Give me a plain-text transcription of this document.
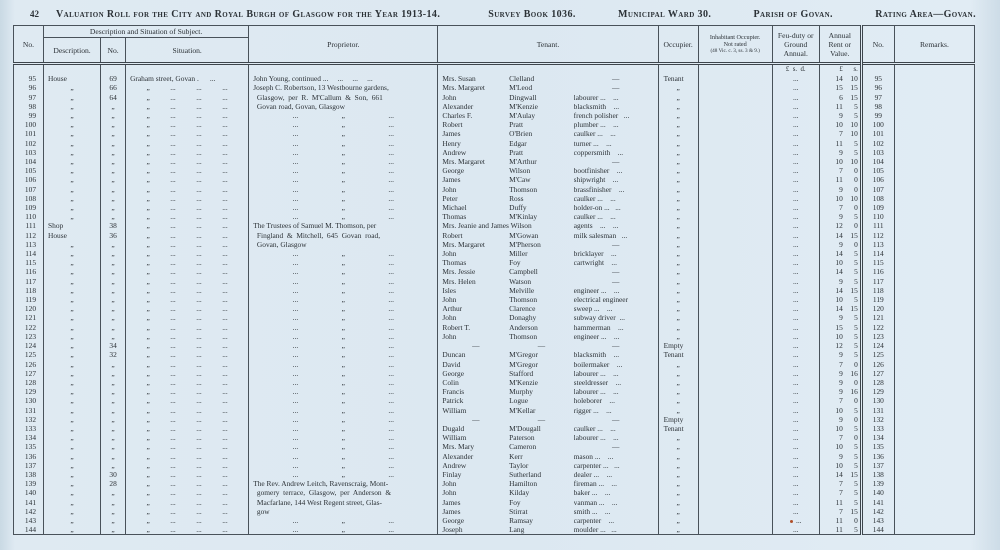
42 Valuation Roll for the City and Royal Burgh of Glasgow for the Year 1913-14.	Survey Book 1036.	Municipal Ward 30.	Parish of Govan.	Rating Area—Govan.
No.	Description and Situation of Subject.			Proprietor.	Tenant.	Occupier.	Inhabitant Occupier.
Not rated
(48 Vic. c. 3, ss. 3 & 9.)	Feu-duty or Ground Annual.	Annual Rent or Value.	No.	Remarks.
	Description.	No.	Situation.								
								£  s.  d.	£ s.		

95	House	69	Graham street, Govan .      ...	John Young, continued ...     ...     ...     ...	Mrs. Susan Clelland —	Tenant		...	14 10	95	
96	„	66	„ ... ... ...	Joseph C. Robertson, 13 Westbourne gardens,	Mrs. Margaret M'Leod —	„		...	15 15	96	
97	„	64	„ ... ... ...	Glasgow,  per  R.  M'Callum  &  Son,  661	John Dingwall labourer ...    ...	„		...	6 15	97	
98	„	„	„ ... ... ...	Govan road, Govan, Glasgow	Alexander M'Kenzie blacksmith    ...	„		...	11 5	98	
99	„	„	„ ... ... ...	... „ ...	Charles F. M'Aulay french polisher   ...	„		...	9 5	99	
100	„	„	„ ... ... ...	... „ ...	Robert Pratt plumber ...    ...	„		...	10 10	100	
101	„	„	„ ... ... ...	... „ ...	James O'Brien caulker ...    ...	„		...	7 10	101	
102	„	„	„ ... ... ...	... „ ...	Henry Edgar turner ...    ...	„		...	11 5	102	
103	„	„	„ ... ... ...	... „ ...	Andrew Pratt coppersmith    ...	„		...	9 5	103	
104	„	„	„ ... ... ...	... „ ...	Mrs. Margaret M'Arthur —	„		...	10 10	104	
105	„	„	„ ... ... ...	... „ ...	George Wilson bootfinisher    ...	„		...	7 0	105	
106	„	„	„ ... ... ...	... „ ...	James M'Caw shipwright    ...	„		...	11 0	106	
107	„	„	„ ... ... ...	... „ ...	John Thomson brassfinisher    ...	„		...	9 0	107	
108	„	„	„ ... ... ...	... „ ...	Peter Ross caulker ...    ...	„		...	10 10	108	
109	„	„	„ ... ... ...	... „ ...	Michael Duffy holder-on ...   ...	„		...	7 0	109	
110	„	„	„ ... ... ...	... „ ...	Thomas M'Kinlay caulker ...    ...	„		...	9 5	110	
111	Shop	38	„ ... ... ...	The Trustees of Samuel M. Thomson, per	Mrs. Jeanie and James Wilson agents    ...    ...	„		...	12 0	111	
112	House	36	„ ... ... ...	Fingland  &  Mitchell,  645  Govan  road,	Robert M'Gowan milk salesman   ...	„		...	14 15	112	
113	„	„	„ ... ... ...	Govan, Glasgow	Mrs. Margaret M'Pherson —	„		...	9 0	113	
114	„	„	„ ... ... ...	... „ ...	John Miller bricklayer    ...	„		...	14 5	114	
115	„	„	„ ... ... ...	... „ ...	Thomas Foy cartwright    ...	„		...	10 5	115	
116	„	„	„ ... ... ...	... „ ...	Mrs. Jessie Campbell —	„		...	14 5	116	
117	„	„	„ ... ... ...	... „ ...	Mrs. Helen Watson —	„		...	9 5	117	
118	„	„	„ ... ... ...	... „ ...	Isles Melville engineer ...    ...	„		...	14 15	118	
119	„	„	„ ... ... ...	... „ ...	John Thomson electrical engineer	„		...	10 5	119	
120	„	„	„ ... ... ...	... „ ...	Arthur Clarence sweep ...    ...	„		...	14 15	120	
121	„	„	„ ... ... ...	... „ ...	John Donaghy subway driver  ...	„		...	9 5	121	
122	„	„	„ ... ... ...	... „ ...	Robert T. Anderson hammerman    ...	„		...	15 5	122	
123	„	„	„ ... ... ...	... „ ...	John Thomson engineer ...    ...	„		...	10 5	123	
124	„	34	„ ... ... ...	... „ ...	— — —	Empty		...	12 5	124	
125	„	32	„ ... ... ...	... „ ...	Duncan M'Gregor blacksmith    ...	Tenant		...	9 5	125	
126	„	„	„ ... ... ...	... „ ...	David M'Gregor boilermaker    ...	„		...	7 0	126	
127	„	„	„ ... ... ...	... „ ...	George Stafford labourer ...    ...	„		...	9 16	127	
128	„	„	„ ... ... ...	... „ ...	Colin M'Kenzie steeldresser    ...	„		...	9 0	128	
129	„	„	„ ... ... ...	... „ ...	Francis Murphy labourer ...    ...	„		...	9 16	129	
130	„	„	„ ... ... ...	... „ ...	Patrick Logue holeborer    ...	„		...	7 0	130	
131	„	„	„ ... ... ...	... „ ...	William M'Kellar rigger ...    ...	„		...	10 5	131	
132	„	„	„ ... ... ...	... „ ...	— — —	Empty		...	9 0	132	
133	„	„	„ ... ... ...	... „ ...	Dugald M'Dougall caulker ...    ...	Tenant		...	10 5	133	
134	„	„	„ ... ... ...	... „ ...	William Paterson labourer ...    ...	„		...	7 0	134	
135	„	„	„ ... ... ...	... „ ...	Mrs. Mary Cameron —	„		...	10 5	135	
136	„	„	„ ... ... ...	... „ ...	Alexander Kerr mason ...    ...	„		...	9 5	136	
137	„	„	„ ... ... ...	... „ ...	Andrew Taylor carpenter ...   ...	„		...	10 5	137	
138	„	30	„ ... ... ...	... „ ...	Finlay Sutherland dealer ...    ...	„		...	14 15	138	
139	„	28	„ ... ... ...	The Rev. Andrew Leitch, Ravenscraig, Mont-	John Hamilton fireman ...    ...	„		...	7 5	139	
140	„	„	„ ... ... ...	gomery  terrace,  Glasgow,  per  Anderson  &	John Kilday baker ...    ...	„		...	7 5	140	
141	„	„	„ ... ... ...	Macfarlane, 144 West Regent street, Glas-	James Foy vanman ...    ...	„		...	11 5	141	
142	„	„	„ ... ... ...	gow	James Stirrat smith ...    ...	„		...	7 15	142	
143	„	„	„ ... ... ...	... „ ...	George Ramsay carpenter    ...	„		...	11 0	143	
144	„	„	„ ... ... ...	... „ ...	Joseph Lang moulder ...   ...	„		...	11 5	144	
